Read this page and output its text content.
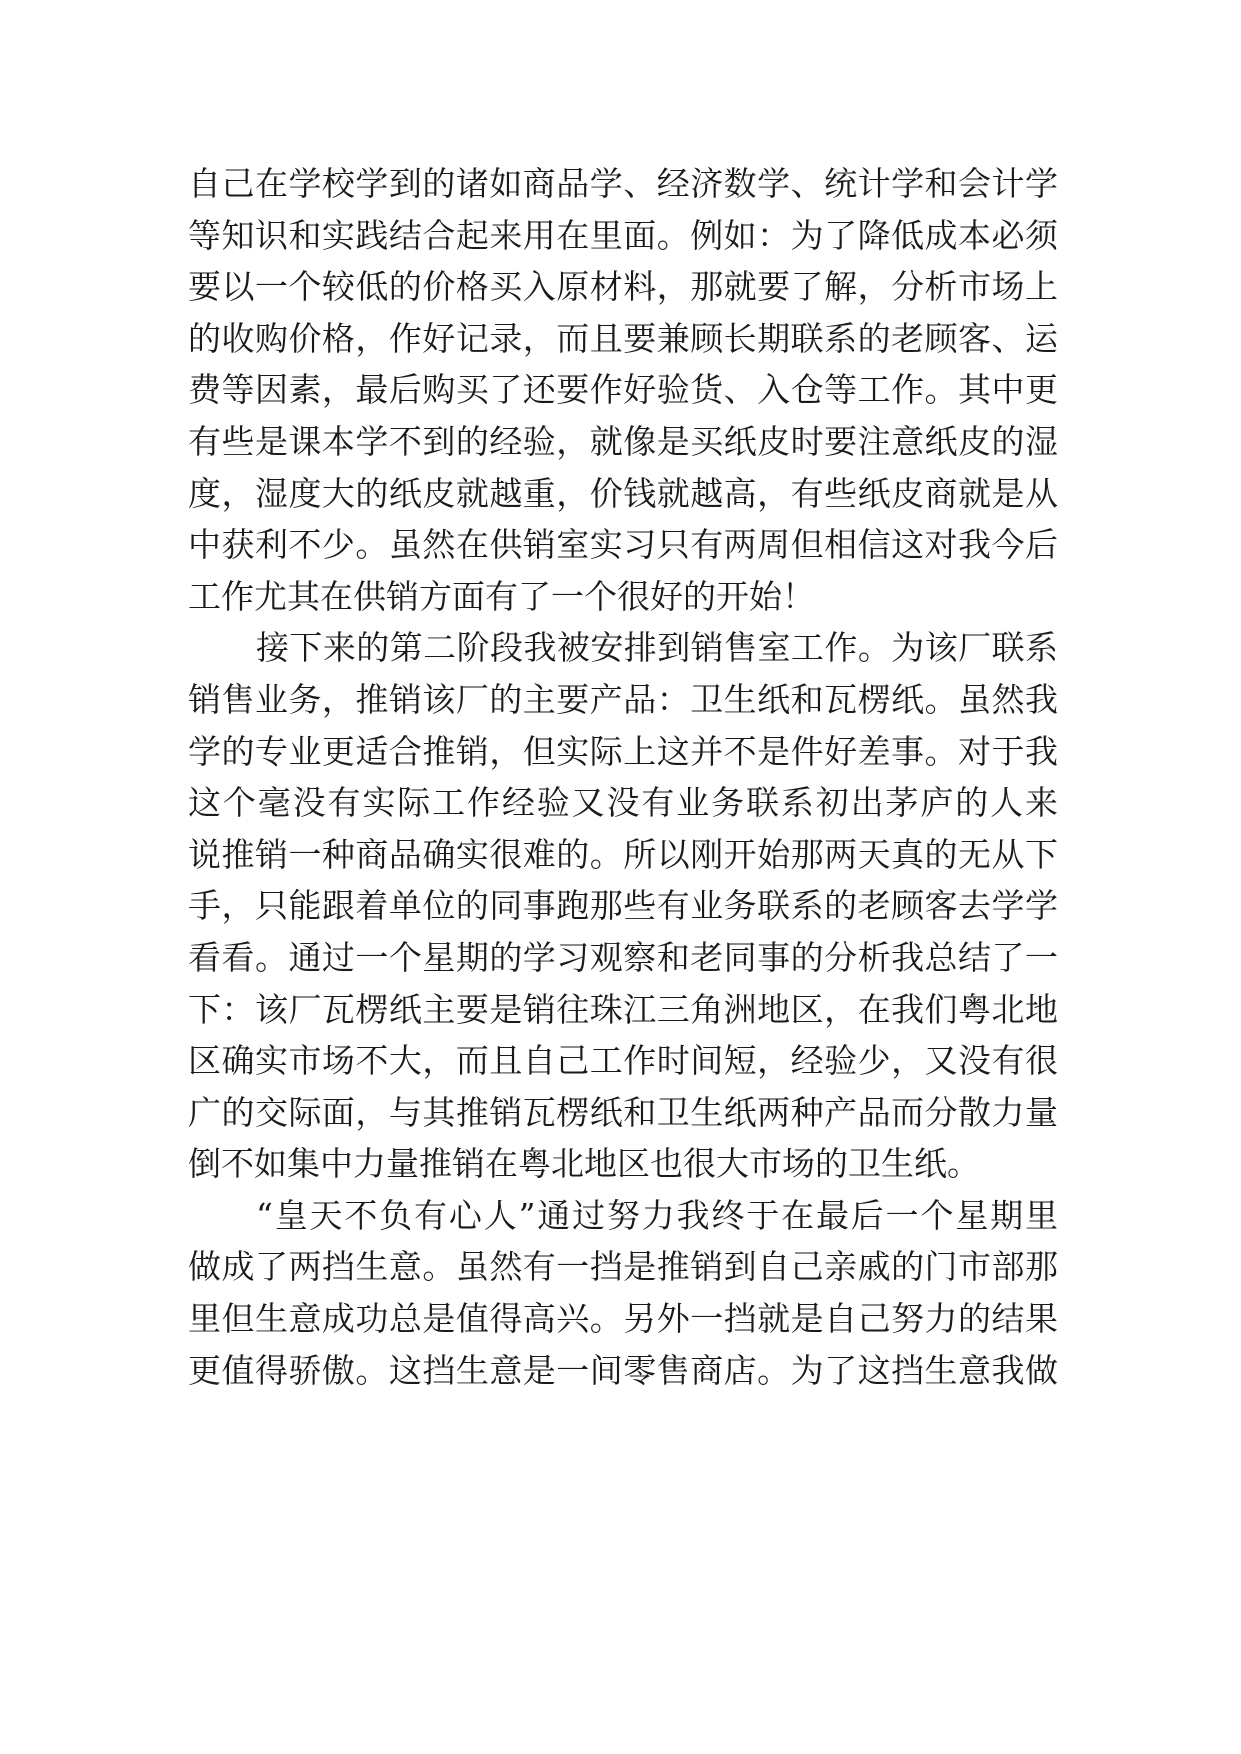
自己在学校学到的诸如商品学、经济数学、统计学和会计学
等知识和实践结合起来用在里面。例如：为了降低成本必须
要以一个较低的价格买入原材料，那就要了解，分析市场上
的收购价格，作好记录，而且要兼顾长期联系的老顾客、运
费等因素，最后购买了还要作好验货、入仓等工作。其中更
有些是课本学不到的经验，就像是买纸皮时要注意纸皮的湿
度，湿度大的纸皮就越重，价钱就越高，有些纸皮商就是从
中获利不少。虽然在供销室实习只有两周但相信这对我今后
工作尤其在供销方面有了一个很好的开始！
接下来的第二阶段我被安排到销售室工作。为该厂联系
销售业务，推销该厂的主要产品：卫生纸和瓦楞纸。虽然我
学的专业更适合推销，但实际上这并不是件好差事。对于我
这个毫没有实际工作经验又没有业务联系初出茅庐的人来
说推销一种商品确实很难的。所以刚开始那两天真的无从下
手，只能跟着单位的同事跑那些有业务联系的老顾客去学学
看看。通过一个星期的学习观察和老同事的分析我总结了一
下：该厂瓦楞纸主要是销往珠江三角洲地区，在我们粤北地
区确实市场不大，而且自己工作时间短，经验少，又没有很
广的交际面，与其推销瓦楞纸和卫生纸两种产品而分散力量
倒不如集中力量推销在粤北地区也很大市场的卫生纸。
“皇天不负有心人”通过努力我终于在最后一个星期里
做成了两挡生意。虽然有一挡是推销到自己亲戚的门市部那
里但生意成功总是值得高兴。另外一挡就是自己努力的结果
更值得骄傲。这挡生意是一间零售商店。为了这挡生意我做
